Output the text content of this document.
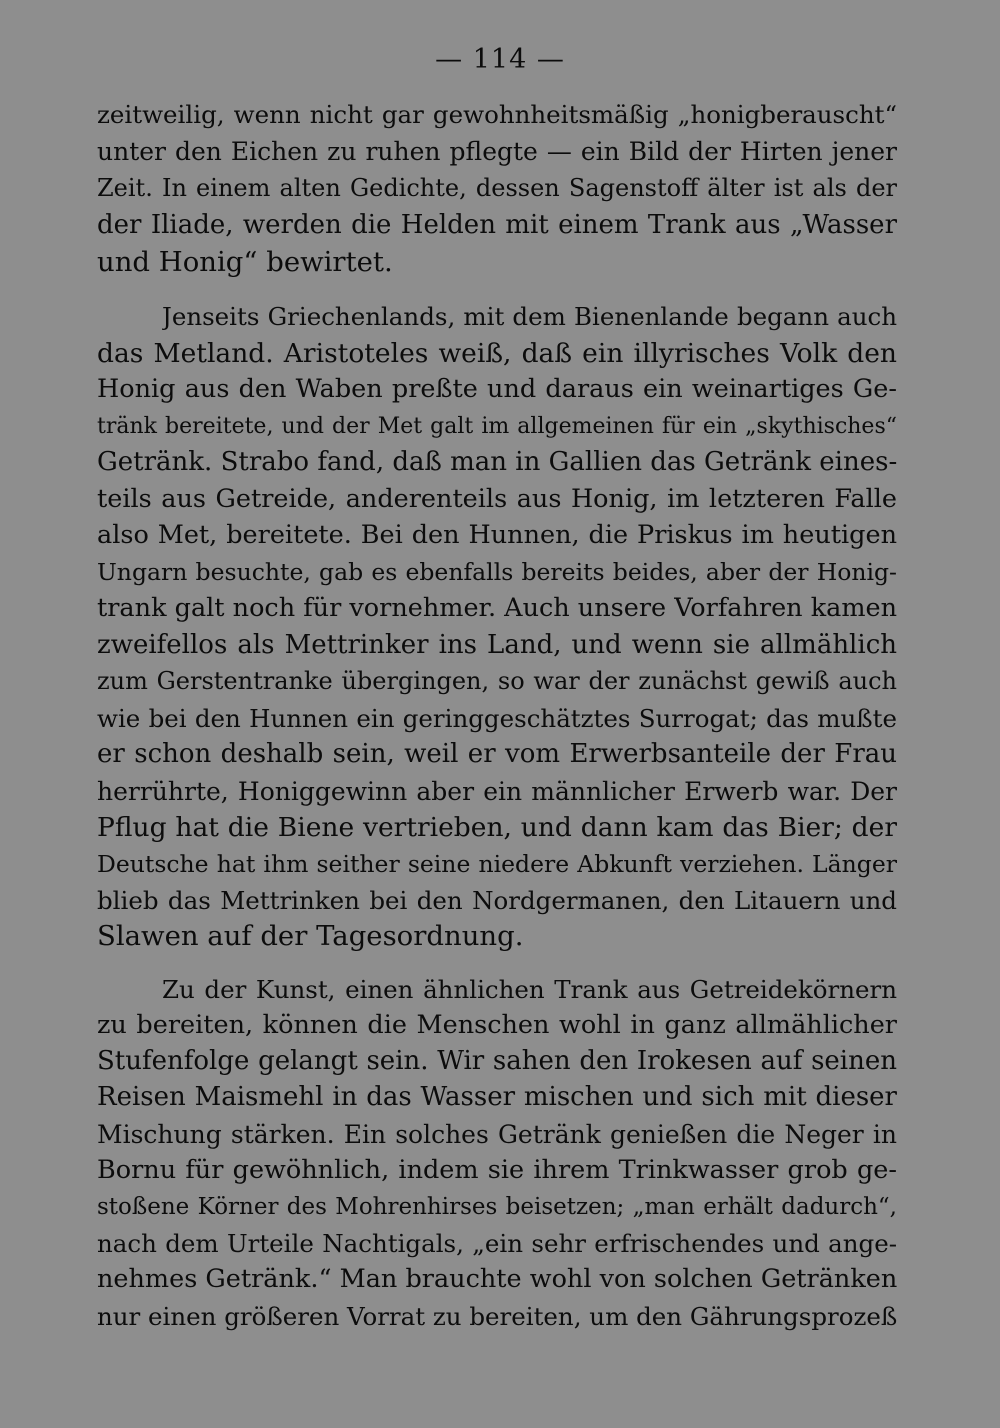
— 114 —
zeitweilig, wenn nicht gar gewohnheitsmäßig „honigberauscht“
unter den Eichen zu ruhen pflegte — ein Bild der Hirten jener
Zeit. In einem alten Gedichte, dessen Sagenstoff älter ist als der
der Iliade, werden die Helden mit einem Trank aus „Wasser
und Honig“ bewirtet.
Jenseits Griechenlands, mit dem Bienenlande begann auch
das Metland. Aristoteles weiß, daß ein illyrisches Volk den
Honig aus den Waben preßte und daraus ein weinartiges Ge-
tränk bereitete, und der Met galt im allgemeinen für ein „skythisches“
Getränk. Strabo fand, daß man in Gallien das Getränk eines-
teils aus Getreide, anderenteils aus Honig, im letzteren Falle
also Met, bereitete. Bei den Hunnen, die Priskus im heutigen
Ungarn besuchte, gab es ebenfalls bereits beides, aber der Honig-
trank galt noch für vornehmer. Auch unsere Vorfahren kamen
zweifellos als Mettrinker ins Land, und wenn sie allmählich
zum Gerstentranke übergingen, so war der zunächst gewiß auch
wie bei den Hunnen ein geringgeschätztes Surrogat; das mußte
er schon deshalb sein, weil er vom Erwerbsanteile der Frau
herrührte, Honiggewinn aber ein männlicher Erwerb war. Der
Pflug hat die Biene vertrieben, und dann kam das Bier; der
Deutsche hat ihm seither seine niedere Abkunft verziehen. Länger
blieb das Mettrinken bei den Nordgermanen, den Litauern und
Slawen auf der Tagesordnung.
Zu der Kunst, einen ähnlichen Trank aus Getreidekörnern
zu bereiten, können die Menschen wohl in ganz allmählicher
Stufenfolge gelangt sein. Wir sahen den Irokesen auf seinen
Reisen Maismehl in das Wasser mischen und sich mit dieser
Mischung stärken. Ein solches Getränk genießen die Neger in
Bornu für gewöhnlich, indem sie ihrem Trinkwasser grob ge-
stoßene Körner des Mohrenhirses beisetzen; „man erhält dadurch“,
nach dem Urteile Nachtigals, „ein sehr erfrischendes und ange-
nehmes Getränk.“ Man brauchte wohl von solchen Getränken
nur einen größeren Vorrat zu bereiten, um den Gährungsprozeß
